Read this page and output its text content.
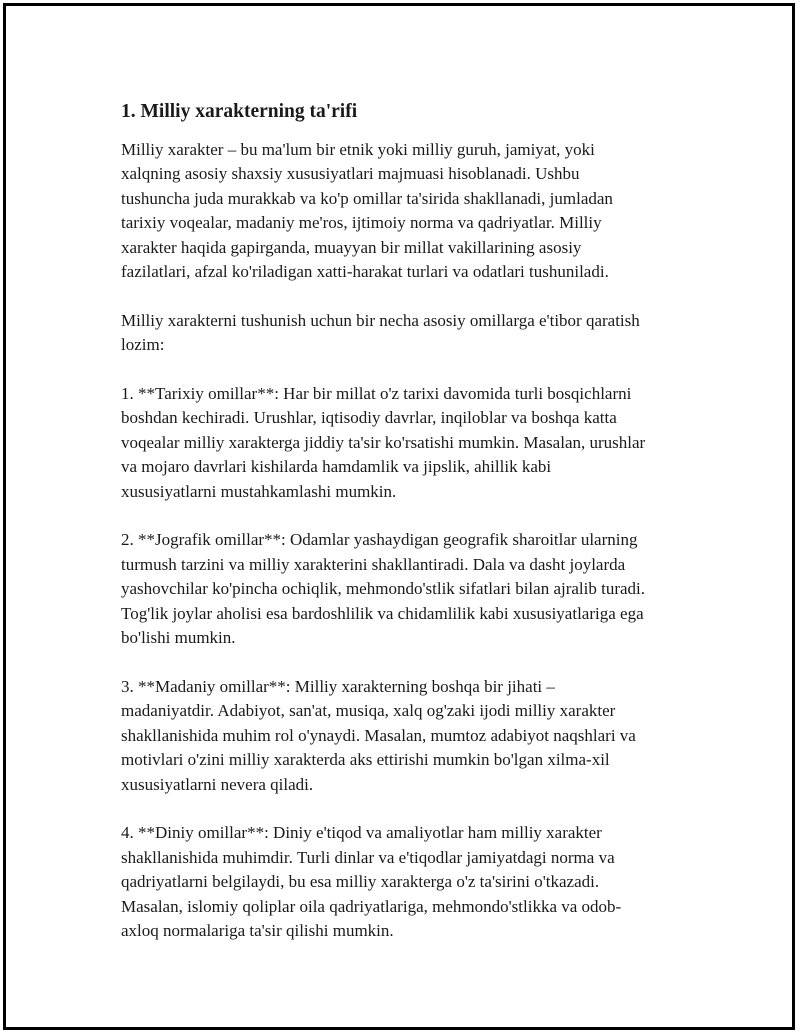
1. Milliy xarakterning ta'rifi

Milliy xarakter – bu ma'lum bir etnik yoki milliy guruh, jamiyat, yoki
xalqning asosiy shaxsiy xususiyatlari majmuasi hisoblanadi. Ushbu
tushuncha juda murakkab va ko'p omillar ta'sirida shakllanadi, jumladan
tarixiy voqealar, madaniy me'ros, ijtimoiy norma va qadriyatlar. Milliy
xarakter haqida gapirganda, muayyan bir millat vakillarining asosiy
fazilatlari, afzal ko'riladigan xatti-harakat turlari va odatlari tushuniladi.

Milliy xarakterni tushunish uchun bir necha asosiy omillarga e'tibor qaratish
lozim:

1. **Tarixiy omillar**: Har bir millat o'z tarixi davomida turli bosqichlarni
boshdan kechiradi. Urushlar, iqtisodiy davrlar, inqiloblar va boshqa katta
voqealar milliy xarakterga jiddiy ta'sir ko'rsatishi mumkin. Masalan, urushlar
va mojaro davrlari kishilarda hamdamlik va jipslik, ahillik kabi
xususiyatlarni mustahkamlashi mumkin.

2. **Jografik omillar**: Odamlar yashaydigan geografik sharoitlar ularning
turmush tarzini va milliy xarakterini shakllantiradi. Dala va dasht joylarda
yashovchilar ko'pincha ochiqlik, mehmondo'stlik sifatlari bilan ajralib turadi.
Tog'lik joylar aholisi esa bardoshlilik va chidamlilik kabi xususiyatlariga ega
bo'lishi mumkin.

3. **Madaniy omillar**: Milliy xarakterning boshqa bir jihati –
madaniyatdir. Adabiyot, san'at, musiqa, xalq og'zaki ijodi milliy xarakter
shakllanishida muhim rol o'ynaydi. Masalan, mumtoz adabiyot naqshlari va
motivlari o'zini milliy xarakterda aks ettirishi mumkin bo'lgan xilma-xil
xususiyatlarni nevera qiladi.

4. **Diniy omillar**: Diniy e'tiqod va amaliyotlar ham milliy xarakter
shakllanishida muhimdir. Turli dinlar va e'tiqodlar jamiyatdagi norma va
qadriyatlarni belgilaydi, bu esa milliy xarakterga o'z ta'sirini o'tkazadi.
Masalan, islomiy qoliplar oila qadriyatlariga, mehmondo'stlikka va odob-
axloq normalariga ta'sir qilishi mumkin.
